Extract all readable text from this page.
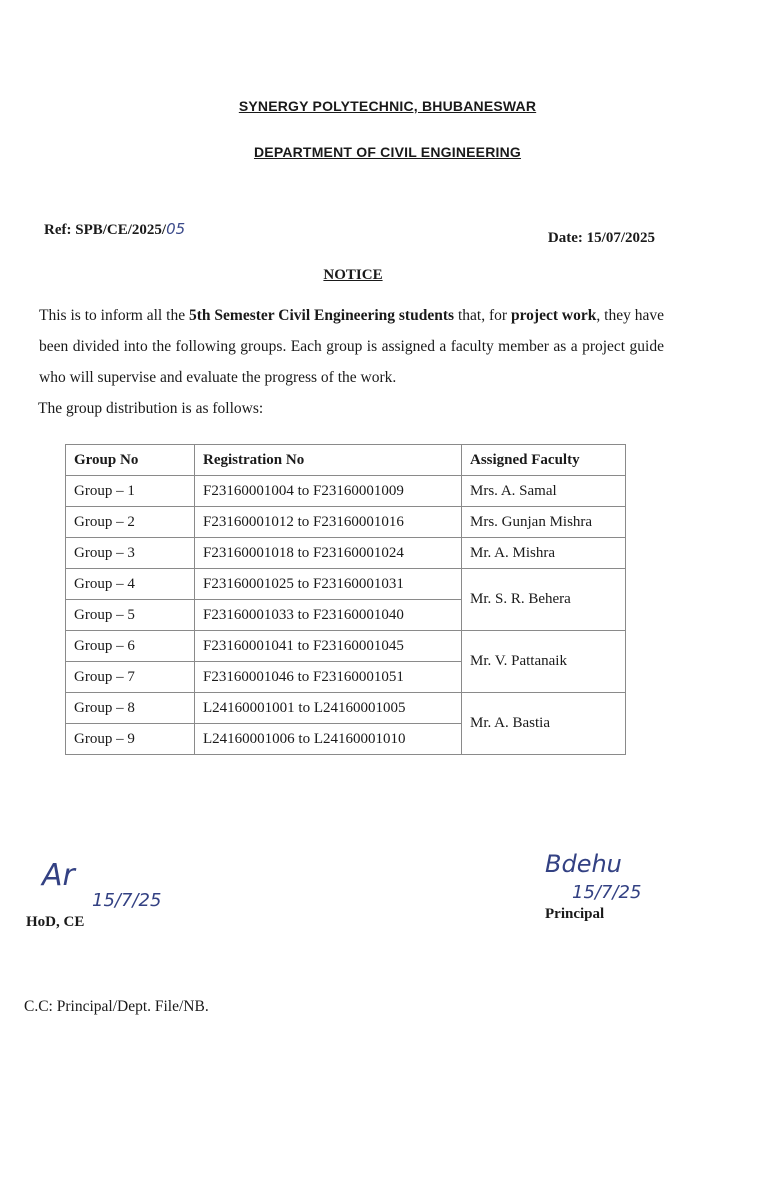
SYNERGY POLYTECHNIC, BHUBANESWAR
DEPARTMENT OF CIVIL ENGINEERING
Ref: SPB/CE/2025/05	Date: 15/07/2025
NOTICE
This is to inform all the 5th Semester Civil Engineering students that, for project work, they have been divided into the following groups. Each group is assigned a faculty member as a project guide who will supervise and evaluate the progress of the work.
The group distribution is as follows:
Group No	Registration No	Assigned Faculty
Group – 1	F23160001004 to F23160001009	Mrs. A. Samal
Group – 2	F23160001012 to F23160001016	Mrs. Gunjan Mishra
Group – 3	F23160001018 to F23160001024	Mr. A. Mishra
Group – 4	F23160001025 to F23160001031	Mr. S. R. Behera
Group – 5	F23160001033 to F23160001040	
Group – 6	F23160001041 to F23160001045	Mr. V. Pattanaik
Group – 7	F23160001046 to F23160001051	
Group – 8	L24160001001 to L24160001005	Mr. A. Bastia
Group – 9	L24160001006 to L24160001010	
Ar
15/7/25
HoD, CE
Bdehu
15/7/25
Principal
C.C: Principal/Dept. File/NB.
